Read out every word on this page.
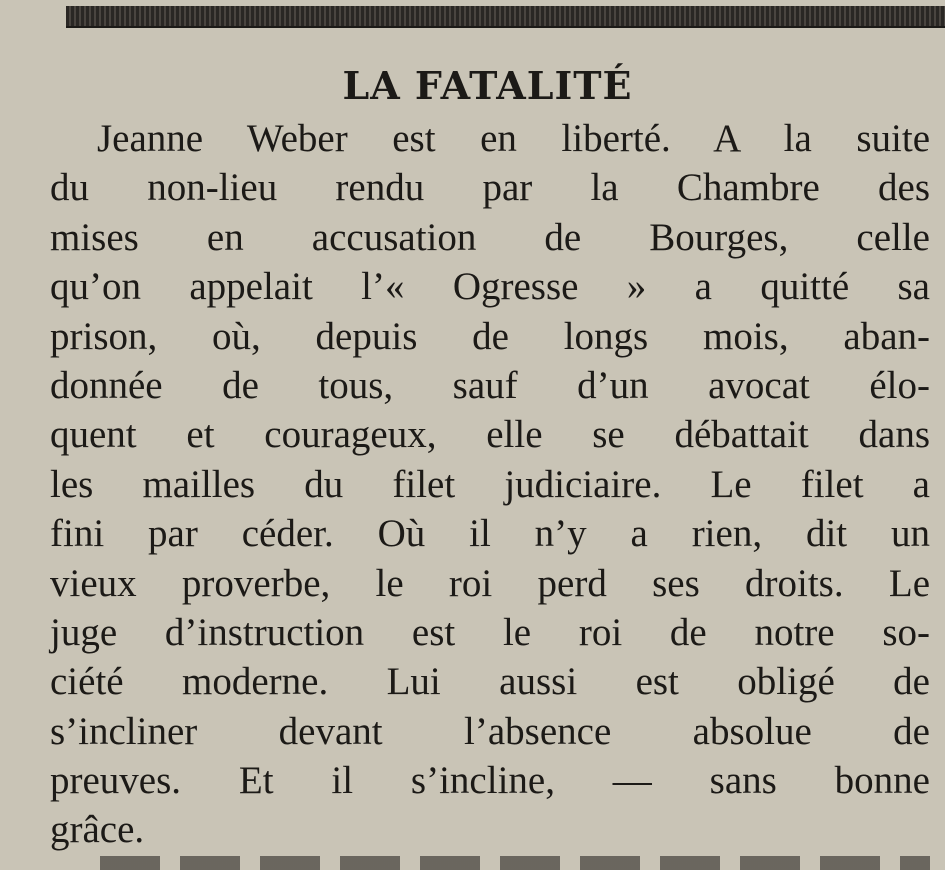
LA FATALITÉ
Jeanne Weber est en liberté. A la suite
du non-lieu rendu par la Chambre des
mises en accusation de Bourges, celle
qu’on appelait l’« Ogresse » a quitté sa
prison, où, depuis de longs mois, aban-
donnée de tous, sauf d’un avocat élo-
quent et courageux, elle se débattait dans
les mailles du filet judiciaire. Le filet a
fini par céder. Où il n’y a rien, dit un
vieux proverbe, le roi perd ses droits. Le
juge d’instruction est le roi de notre so-
ciété moderne. Lui aussi est obligé de
s’incliner devant l’absence absolue de
preuves. Et il s’incline, — sans bonne
grâce.
